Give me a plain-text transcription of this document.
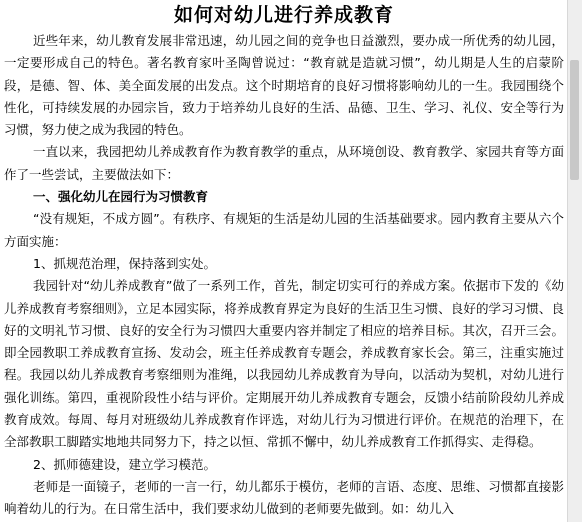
如何对幼儿进行养成教育

近些年来，幼儿教育发展非常迅速，幼儿园之间的竞争也日益激烈，要办成一所优秀的幼儿园，一定要形成自己的特色。著名教育家叶圣陶曾说过：“教育就是造就习惯”，幼儿期是人生的启蒙阶段，是德、智、体、美全面发展的出发点。这个时期培育的良好习惯将影响幼儿的一生。我园围绕个性化，可持续发展的办园宗旨，致力于培养幼儿良好的生活、品德、卫生、学习、礼仪、安全等行为习惯，努力使之成为我园的特色。

一直以来，我园把幼儿养成教育作为教育教学的重点，从环境创设、教育教学、家园共育等方面作了一些尝试，主要做法如下：

一、强化幼儿在园行为习惯教育

“没有规矩，不成方圆”。有秩序、有规矩的生活是幼儿园的生活基础要求。园内教育主要从六个方面实施：

1、抓规范治理，保持落到实处。

我园针对“幼儿养成教育”做了一系列工作，首先，制定切实可行的养成方案。依据市下发的《幼儿养成教育考察细则》，立足本园实际，将养成教育界定为良好的生活卫生习惯、良好的学习习惯、良好的文明礼节习惯、良好的安全行为习惯四大重要内容并制定了相应的培养目标。其次，召开三会。即全园教职工养成教育宣扬、发动会，班主任养成教育专题会，养成教育家长会。第三，注重实施过程。我园以幼儿养成教育考察细则为准绳，以我园幼儿养成教育为导向，以活动为契机，对幼儿进行强化训练。第四，重视阶段性小结与评价。定期展开幼儿养成教育专题会，反馈小结前阶段幼儿养成教育成效。每周、每月对班级幼儿养成教育作评选，对幼儿行为习惯进行评价。在规范的治理下，在全部教职工脚踏实地地共同努力下，持之以恒、常抓不懈中，幼儿养成教育工作抓得实、走得稳。

2、抓师德建设，建立学习模范。

老师是一面镜子，老师的一言一行，幼儿都乐于模仿，老师的言语、态度、思维、习惯都直接影响着幼儿的行为。在日常生活中，我们要求幼儿做到的老师要先做到。如：幼儿入
